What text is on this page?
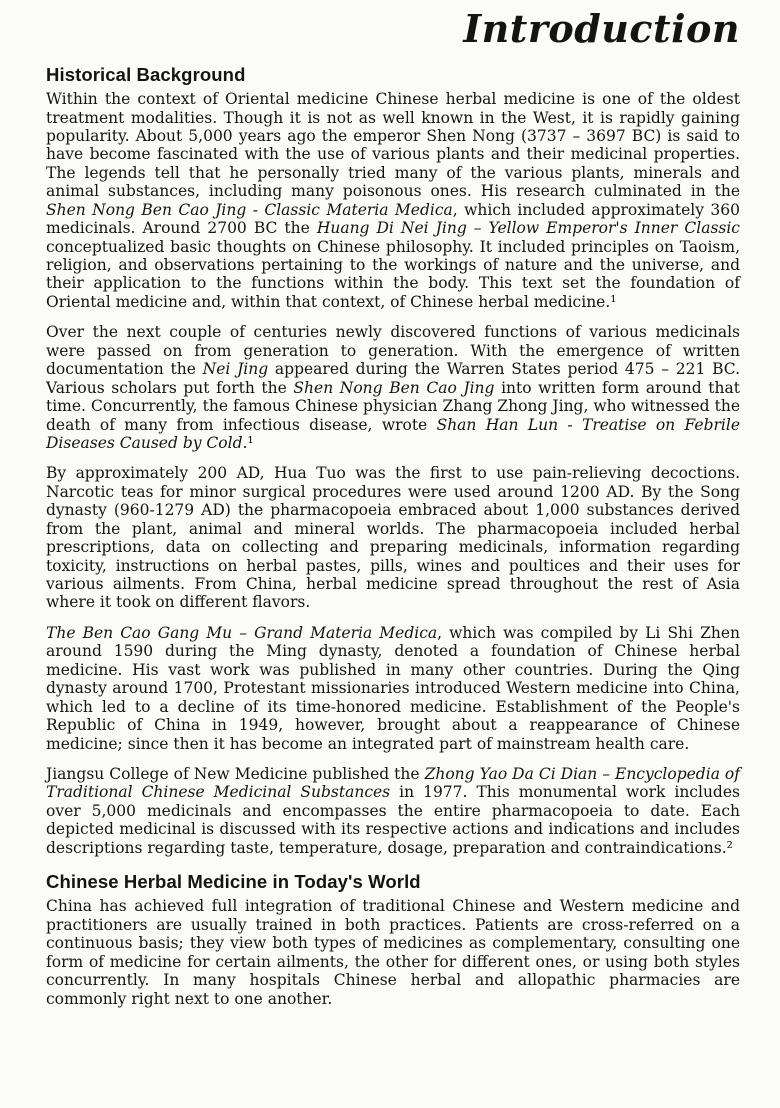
Introduction
Historical Background

Within the context of Oriental medicine Chinese herbal medicine is one of the oldest treatment modalities. Though it is not as well known in the West, it is rapidly gaining popularity. About 5,000 years ago the emperor Shen Nong (3737 – 3697 BC) is said to have become fascinated with the use of various plants and their medicinal properties. The legends tell that he personally tried many of the various plants, minerals and animal substances, including many poisonous ones. His research culminated in the Shen Nong Ben Cao Jing - Classic Materia Medica, which included approximately 360 medicinals. Around 2700 BC the Huang Di Nei Jing – Yellow Emperor's Inner Classic conceptualized basic thoughts on Chinese philosophy. It included principles on Taoism, religion, and observations pertaining to the workings of nature and the universe, and their application to the functions within the body. This text set the foundation of Oriental medicine and, within that context, of Chinese herbal medicine.¹

Over the next couple of centuries newly discovered functions of various medicinals were passed on from generation to generation. With the emergence of written documentation the Nei Jing appeared during the Warren States period 475 – 221 BC. Various scholars put forth the Shen Nong Ben Cao Jing into written form around that time. Concurrently, the famous Chinese physician Zhang Zhong Jing, who witnessed the death of many from infectious disease, wrote Shan Han Lun - Treatise on Febrile Diseases Caused by Cold.¹

By approximately 200 AD, Hua Tuo was the first to use pain-relieving decoctions. Narcotic teas for minor surgical procedures were used around 1200 AD. By the Song dynasty (960-1279 AD) the pharmacopoeia embraced about 1,000 substances derived from the plant, animal and mineral worlds. The pharmacopoeia included herbal prescriptions, data on collecting and preparing medicinals, information regarding toxicity, instructions on herbal pastes, pills, wines and poultices and their uses for various ailments. From China, herbal medicine spread throughout the rest of Asia where it took on different flavors.

The Ben Cao Gang Mu – Grand Materia Medica, which was compiled by Li Shi Zhen around 1590 during the Ming dynasty, denoted a foundation of Chinese herbal medicine. His vast work was published in many other countries. During the Qing dynasty around 1700, Protestant missionaries introduced Western medicine into China, which led to a decline of its time-honored medicine. Establishment of the People's Republic of China in 1949, however, brought about a reappearance of Chinese medicine; since then it has become an integrated part of mainstream health care.

Jiangsu College of New Medicine published the Zhong Yao Da Ci Dian – Encyclopedia of Traditional Chinese Medicinal Substances in 1977. This monumental work includes over 5,000 medicinals and encompasses the entire pharmacopoeia to date. Each depicted medicinal is discussed with its respective actions and indications and includes descriptions regarding taste, temperature, dosage, preparation and contraindications.²

Chinese Herbal Medicine in Today's World

China has achieved full integration of traditional Chinese and Western medicine and practitioners are usually trained in both practices. Patients are cross-referred on a continuous basis; they view both types of medicines as complementary, consulting one form of medicine for certain ailments, the other for different ones, or using both styles concurrently. In many hospitals Chinese herbal and allopathic pharmacies are commonly right next to one another.
